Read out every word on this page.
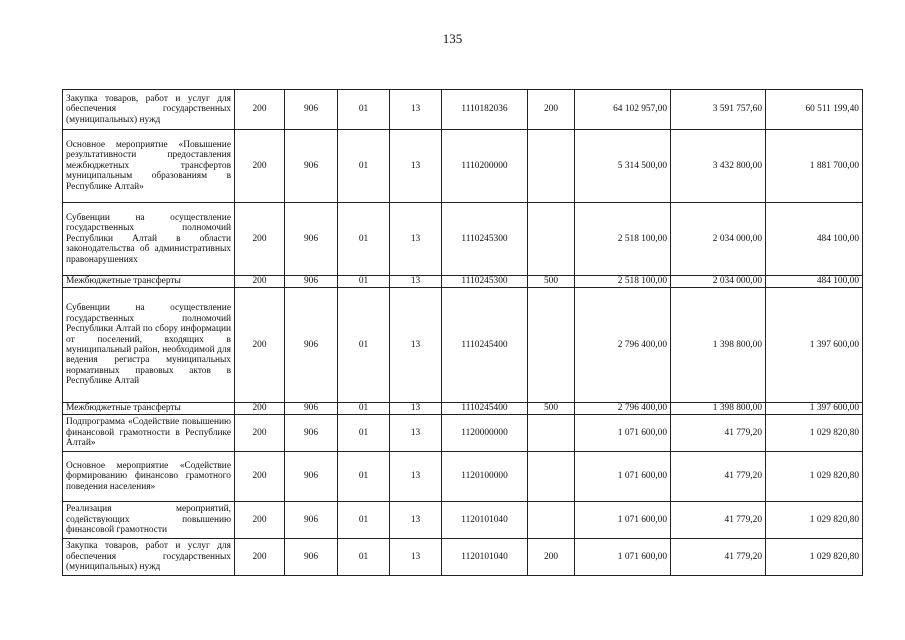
135
Закупка товаров, работ и услуг для обеспечения государственных (муниципальных) нужд	200	906	01	13	1110182036	200	64 102 957,00	3 591 757,60	60 511 199,40
Основное мероприятие «Повышение результативности предоставления межбюджетных трансфертов муниципальным образованиям в Республике Алтай»	200	906	01	13	1110200000		5 314 500,00	3 432 800,00	1 881 700,00
Субвенции на осуществление государственных полномочий Республики Алтай в области законодательства об административных правонарушениях	200	906	01	13	1110245300		2 518 100,00	2 034 000,00	484 100,00
Межбюджетные трансферты	200	906	01	13	1110245300	500	2 518 100,00	2 034 000,00	484 100,00
Субвенции на осуществление государственных полномочий Республики Алтай по сбору информации от поселений, входящих в муниципальный район, необходимой для ведения регистра муниципальных нормативных правовых актов в Республике Алтай	200	906	01	13	1110245400		2 796 400,00	1 398 800,00	1 397 600,00
Межбюджетные трансферты	200	906	01	13	1110245400	500	2 796 400,00	1 398 800,00	1 397 600,00
Подпрограмма «Содействие повышению финансовой грамотности в Республике Алтай»	200	906	01	13	1120000000		1 071 600,00	41 779,20	1 029 820,80
Основное мероприятие «Содействие формированию финансово грамотного поведения населения»	200	906	01	13	1120100000		1 071 600,00	41 779,20	1 029 820,80
Реализация мероприятий, содействующих повышению финансовой грамотности	200	906	01	13	1120101040		1 071 600,00	41 779,20	1 029 820,80
Закупка товаров, работ и услуг для обеспечения государственных (муниципальных) нужд	200	906	01	13	1120101040	200	1 071 600,00	41 779,20	1 029 820,80
